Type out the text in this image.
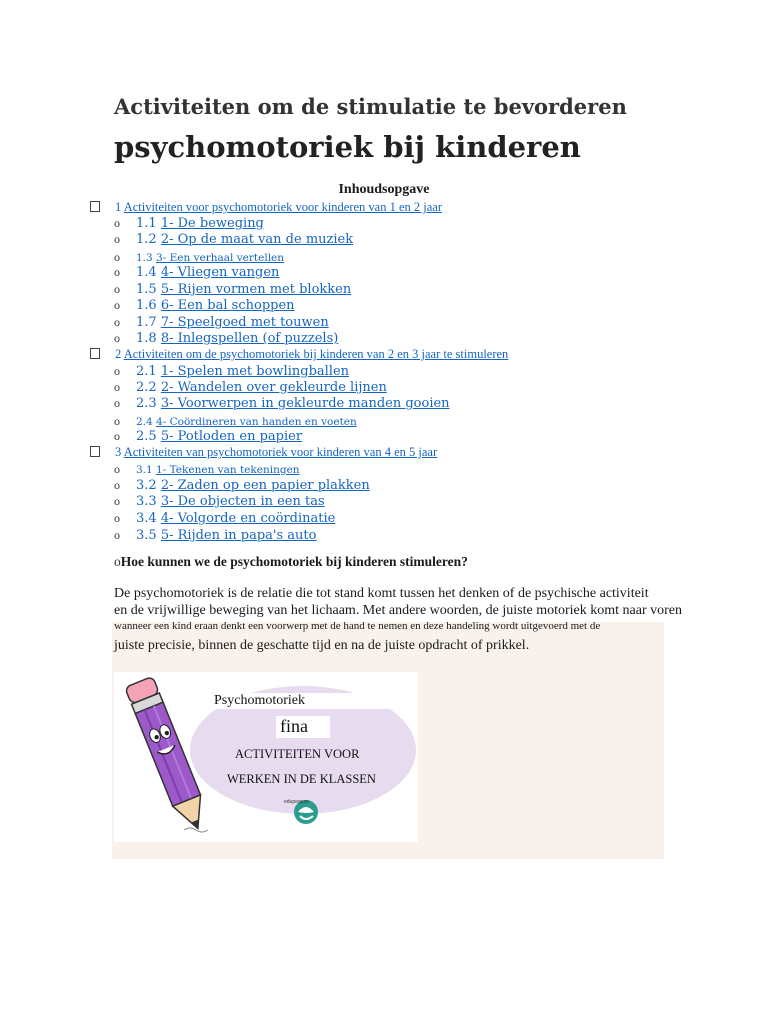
Activiteiten om de stimulatie te bevorderen
psychomotoriek bij kinderen
Inhoudsopgave
1 Activiteiten voor psychomotoriek voor kinderen van 1 en 2 jaar
o 1.1 1- De beweging
o 1.2 2- Op de maat van de muziek
o 1.3 3- Een verhaal vertellen
o 1.4 4- Vliegen vangen
o 1.5 5- Rijen vormen met blokken
o 1.6 6- Een bal schoppen
o 1.7 7- Speelgoed met touwen
o 1.8 8- Inlegspellen (of puzzels)
2 Activiteiten om de psychomotoriek bij kinderen van 2 en 3 jaar te stimuleren
o 2.1 1- Spelen met bowlingballen
o 2.2 2- Wandelen over gekleurde lijnen
o 2.3 3- Voorwerpen in gekleurde manden gooien
o 2.4 4- Coördineren van handen en voeten
o 2.5 5- Potloden en papier
3 Activiteiten van psychomotoriek voor kinderen van 4 en 5 jaar
o 3.1 1- Tekenen van tekeningen
o 3.2 2- Zaden op een papier plakken
o 3.3 3- De objecten in een tas
o 3.4 4- Volgorde en coördinatie
o 3.5 5- Rijden in papa's auto
oHoe kunnen we de psychomotoriek bij kinderen stimuleren?
De psychomotoriek is de relatie die tot stand komt tussen het denken of de psychische activiteit
en de vrijwillige beweging van het lichaam. Met andere woorden, de juiste motoriek komt naar voren
wanneer een kind eraan denkt een voorwerp met de hand te nemen en deze handeling wordt uitgevoerd met de
juiste precisie, binnen de geschatte tijd en na de juiste opdracht of prikkel.
Psychomotoriek
fina
ACTIVITEITEN VOOR
WERKEN IN DE KLASSEN
edupeques
